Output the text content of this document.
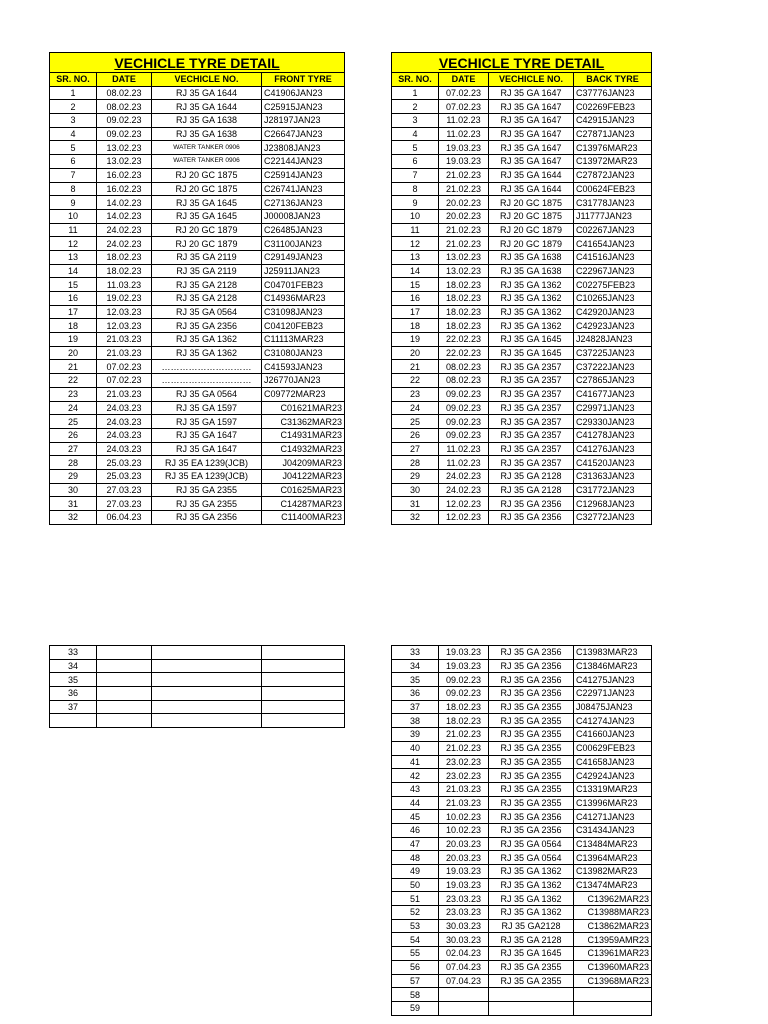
VECHICLE TYRE DETAIL			
SR. NO.	DATE	VECHICLE NO.	FRONT TYRE
1	08.02.23	RJ 35 GA 1644	C41906JAN23
2	08.02.23	RJ 35 GA 1644	C25915JAN23
3	09.02.23	RJ 35 GA 1638	J28197JAN23
4	09.02.23	RJ 35 GA 1638	C26647JAN23
5	13.02.23	WATER TANKER 0906	J23808JAN23
6	13.02.23	WATER TANKER 0906	C22144JAN23
7	16.02.23	RJ 20 GC 1875	C25914JAN23
8	16.02.23	RJ 20 GC 1875	C26741JAN23
9	14.02.23	RJ 35 GA 1645	C27136JAN23
10	14.02.23	RJ 35 GA 1645	J00008JAN23
11	24.02.23	RJ 20 GC 1879	C26485JAN23
12	24.02.23	RJ 20 GC 1879	C31100JAN23
13	18.02.23	RJ 35 GA 2119	C29149JAN23
14	18.02.23	RJ 35 GA 2119	J25911JAN23
15	11.03.23	RJ 35 GA 2128	C04701FEB23
16	19.02.23	RJ 35 GA 2128	C14936MAR23
17	12.03.23	RJ 35 GA 0564	C31098JAN23
18	12.03.23	RJ 35 GA 2356	C04120FEB23
19	21.03.23	RJ 35 GA 1362	C11113MAR23
20	21.03.23	RJ 35 GA 1362	C31080JAN23
21	07.02.23	…………………………	C41593JAN23
22	07.02.23	…………………………	J26770JAN23
23	21.03.23	RJ 35 GA 0564	C09772MAR23
24	24.03.23	RJ 35 GA 1597	C01621MAR23
25	24.03.23	RJ 35 GA 1597	C31362MAR23
26	24.03.23	RJ 35 GA 1647	C14931MAR23
27	24.03.23	RJ 35 GA 1647	C14932MAR23
28	25.03.23	RJ 35 EA 1239(JCB)	J04209MAR23
29	25.03.23	RJ 35 EA 1239(JCB)	J04122MAR23
30	27.03.23	RJ 35 GA 2355	C01625MAR23
31	27.03.23	RJ 35 GA 2355	C14287MAR23
32	06.04.23	RJ 35 GA 2356	C11400MAR23
VECHICLE TYRE DETAIL			
SR. NO.	DATE	VECHICLE NO.	BACK TYRE
1	07.02.23	RJ 35 GA 1647	C37776JAN23
2	07.02.23	RJ 35 GA 1647	C02269FEB23
3	11.02.23	RJ 35 GA 1647	C42915JAN23
4	11.02.23	RJ 35 GA 1647	C27871JAN23
5	19.03.23	RJ 35 GA 1647	C13976MAR23
6	19.03.23	RJ 35 GA 1647	C13972MAR23
7	21.02.23	RJ 35 GA 1644	C27872JAN23
8	21.02.23	RJ 35 GA 1644	C00624FEB23
9	20.02.23	RJ 20 GC 1875	C31778JAN23
10	20.02.23	RJ 20 GC 1875	J11777JAN23
11	21.02.23	RJ 20 GC 1879	C02267JAN23
12	21.02.23	RJ 20 GC 1879	C41654JAN23
13	13.02.23	RJ 35 GA 1638	C41516JAN23
14	13.02.23	RJ 35 GA 1638	C22967JAN23
15	18.02.23	RJ 35 GA 1362	C02275FEB23
16	18.02.23	RJ 35 GA 1362	C10265JAN23
17	18.02.23	RJ 35 GA 1362	C42920JAN23
18	18.02.23	RJ 35 GA 1362	C42923JAN23
19	22.02.23	RJ 35 GA 1645	J24828JAN23
20	22.02.23	RJ 35 GA 1645	C37225JAN23
21	08.02.23	RJ 35 GA 2357	C37222JAN23
22	08.02.23	RJ 35 GA 2357	C27865JAN23
23	09.02.23	RJ 35 GA 2357	C41677JAN23
24	09.02.23	RJ 35 GA 2357	C29971JAN23
25	09.02.23	RJ 35 GA 2357	C29330JAN23
26	09.02.23	RJ 35 GA 2357	C41278JAN23
27	11.02.23	RJ 35 GA 2357	C41276JAN23
28	11.02.23	RJ 35 GA 2357	C41520JAN23
29	24.02.23	RJ 35 GA 2128	C31363JAN23
30	24.02.23	RJ 35 GA 2128	C31772JAN23
31	12.02.23	RJ 35 GA 2356	C12968JAN23
32	12.02.23	RJ 35 GA 2356	C32772JAN23
33			
34			
35			
36			
37			

33	19.03.23	RJ 35 GA 2356	C13983MAR23
34	19.03.23	RJ 35 GA 2356	C13846MAR23
35	09.02.23	RJ 35 GA 2356	C41275JAN23
36	09.02.23	RJ 35 GA 2356	C22971JAN23
37	18.02.23	RJ 35 GA 2355	J08475JAN23
38	18.02.23	RJ 35 GA 2355	C41274JAN23
39	21.02.23	RJ 35 GA 2355	C41660JAN23
40	21.02.23	RJ 35 GA 2355	C00629FEB23
41	23.02.23	RJ 35 GA 2355	C41658JAN23
42	23.02.23	RJ 35 GA 2355	C42924JAN23
43	21.03.23	RJ 35 GA 2355	C13319MAR23
44	21.03.23	RJ 35 GA 2355	C13996MAR23
45	10.02.23	RJ 35 GA 2356	C41271JAN23
46	10.02.23	RJ 35 GA 2356	C31434JAN23
47	20.03.23	RJ 35 GA 0564	C13484MAR23
48	20.03.23	RJ 35 GA 0564	C13964MAR23
49	19.03.23	RJ 35 GA 1362	C13982MAR23
50	19.03.23	RJ 35 GA 1362	C13474MAR23
51	23.03.23	RJ 35 GA 1362	C13962MAR23
52	23.03.23	RJ 35 GA 1362	C13988MAR23
53	30.03.23	RJ 35 GA2128	C13862MAR23
54	30.03.23	RJ 35 GA 2128	C13959AMR23
55	02.04.23	RJ 35 GA 1645	C13961MAR23
56	07.04.23	RJ 35 GA 2355	C13960MAR23
57	07.04.23	RJ 35 GA 2355	C13968MAR23
58			
59			
